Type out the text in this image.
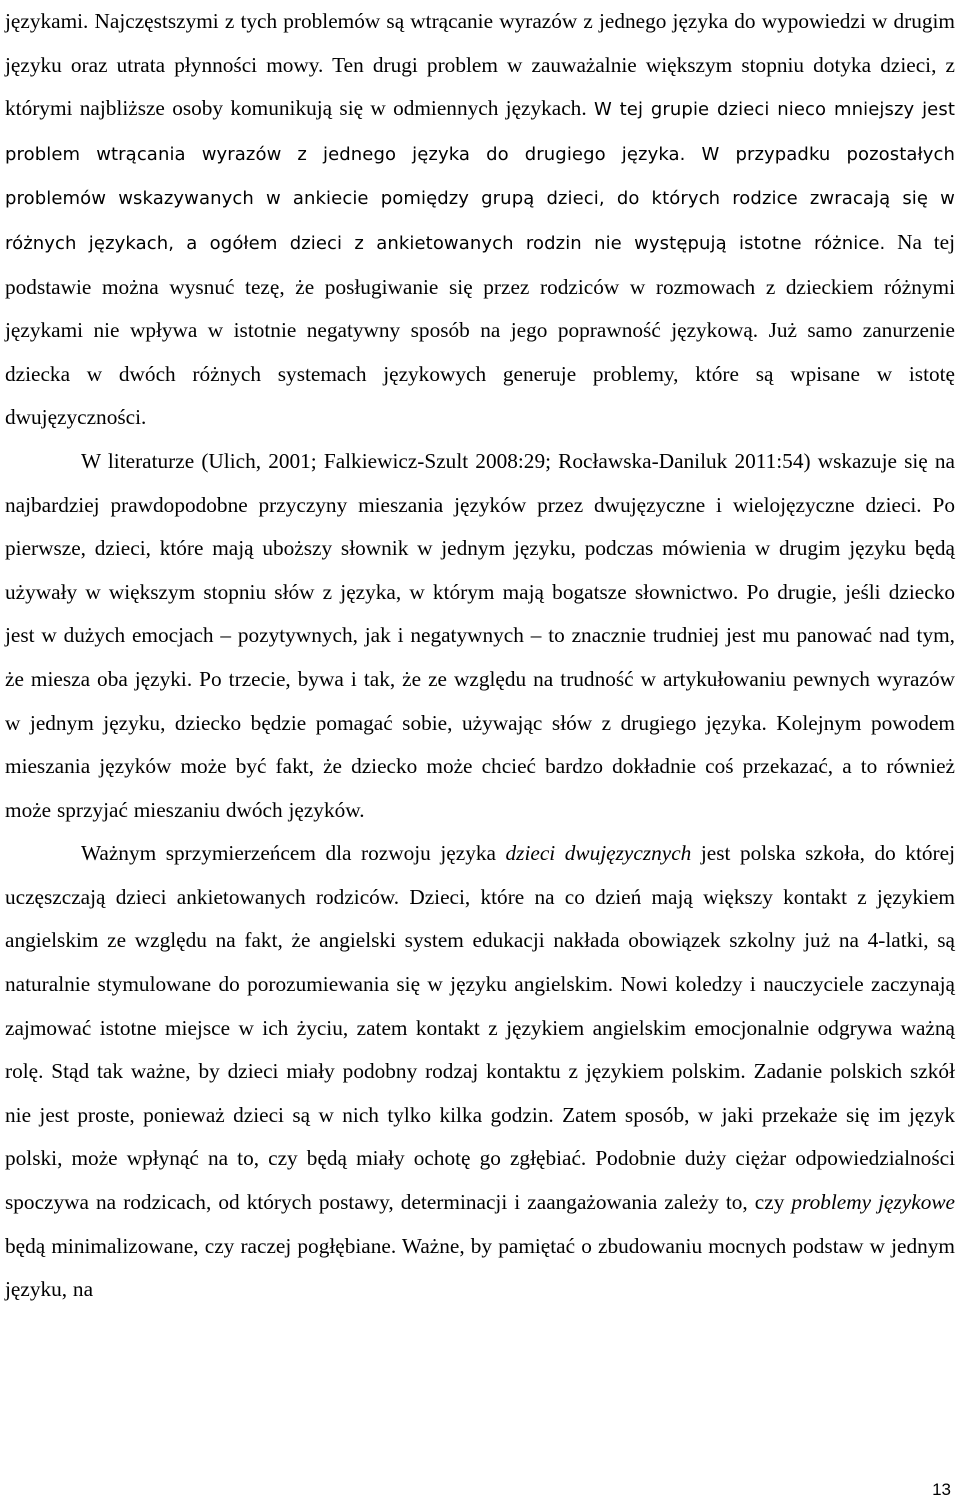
językami. Najczęstszymi z tych problemów są wtrącanie wyrazów z jednego języka do wypowiedzi w drugim języku oraz utrata płynności mowy. Ten drugi problem w zauważalnie większym stopniu dotyka dzieci, z którymi najbliższe osoby komunikują się w odmiennych językach. W tej grupie dzieci nieco mniejszy jest problem wtrącania wyrazów z jednego języka do drugiego języka. W przypadku pozostałych problemów wskazywanych w ankiecie pomiędzy grupą dzieci, do których rodzice zwracają się w różnych językach, a ogółem dzieci z ankietowanych rodzin nie występują istotne różnice. Na tej podstawie można wysnuć tezę, że posługiwanie się przez rodziców w rozmowach z dzieckiem różnymi językami nie wpływa w istotnie negatywny sposób na jego poprawność językową. Już samo zanurzenie dziecka w dwóch różnych systemach językowych generuje problemy, które są wpisane w istotę dwujęzyczności.

W literaturze (Ulich, 2001; Falkiewicz-Szult 2008:29; Rocławska-Daniluk 2011:54) wskazuje się na najbardziej prawdopodobne przyczyny mieszania języków przez dwujęzyczne i wielojęzyczne dzieci. Po pierwsze, dzieci, które mają uboższy słownik w jednym języku, podczas mówienia w drugim języku będą używały w większym stopniu słów z języka, w którym mają bogatsze słownictwo. Po drugie, jeśli dziecko jest w dużych emocjach – pozytywnych, jak i negatywnych – to znacznie trudniej jest mu panować nad tym, że miesza oba języki. Po trzecie, bywa i tak, że ze względu na trudność w artykułowaniu pewnych wyrazów w jednym języku, dziecko będzie pomagać sobie, używając słów z drugiego języka. Kolejnym powodem mieszania języków może być fakt, że dziecko może chcieć bardzo dokładnie coś przekazać, a to również może sprzyjać mieszaniu dwóch języków.

Ważnym sprzymierzeńcem dla rozwoju języka dzieci dwujęzycznych jest polska szkoła, do której uczęszczają dzieci ankietowanych rodziców. Dzieci, które na co dzień mają większy kontakt z językiem angielskim ze względu na fakt, że angielski system edukacji nakłada obowiązek szkolny już na 4-latki, są naturalnie stymulowane do porozumiewania się w języku angielskim. Nowi koledzy i nauczyciele zaczynają zajmować istotne miejsce w ich życiu, zatem kontakt z językiem angielskim emocjonalnie odgrywa ważną rolę. Stąd tak ważne, by dzieci miały podobny rodzaj kontaktu z językiem polskim. Zadanie polskich szkół nie jest proste, ponieważ dzieci są w nich tylko kilka godzin. Zatem sposób, w jaki przekaże się im język polski, może wpłynąć na to, czy będą miały ochotę go zgłębiać. Podobnie duży ciężar odpowiedzialności spoczywa na rodzicach, od których postawy, determinacji i zaangażowania zależy to, czy problemy językowe będą minimalizowane, czy raczej pogłębiane. Ważne, by pamiętać o zbudowaniu mocnych podstaw w jednym języku, na

13
